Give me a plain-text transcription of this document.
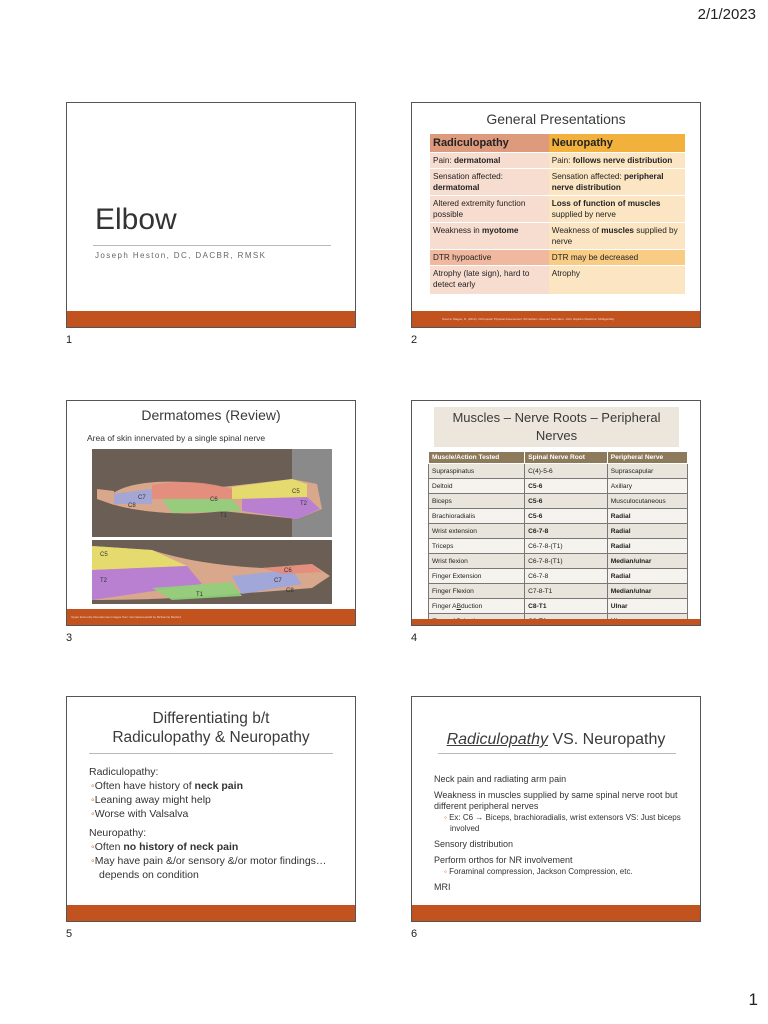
2/1/2023
Elbow
Joseph Heston, DC, DACBR, RMSK
1
General Presentations
Radiculopathy	Neuropathy
Pain: dermatomal	Pain: follows nerve distribution
Sensation affected: dermatomal	Sensation affected: peripheral nerve distribution
Altered extremity function possible	Loss of function of muscles supplied by nerve
Weakness in myotome	Weakness of muscles supplied by nerve
DTR hypoactive	DTR may be decreased
Atrophy (late sign), hard to detect early	Atrophy
Source: Magee, D. (2014). Orthopedic Physical Assessment, 6th Edition. Elsevier Saunders. John Hopkins Medicine; Mulligan/Ely
2
Dermatomes (Review)
Area of skin innervated by a single spinal nerve
C5
C6
C7
C8
T1
T2
C5
C6
C7
C8
T1
T2
Upper Extremity Dermatomes Images from: dermatomesaid2 by McKenzie Method
3
Muscles – Nerve Roots – Peripheral Nerves
Muscle/Action Tested	Spinal Nerve Root	Peripheral Nerve
Supraspinatus	C(4)-5-6	Suprascapular
Deltoid	C5-6	Axillary
Biceps	C5-6	Musculocutaneous
Brachioradialis	C5-6	Radial
Wrist extension	C6-7-8	Radial
Triceps	C6-7-8-(T1)	Radial
Wrist flexion	C6-7-8-(T1)	Median/ulnar
Finger Extension	C6-7-8	Radial
Finger Flexion	C7-8-T1	Median/ulnar
Finger ABduction	C8-T1	Ulnar

4
Differentiating b/t
Radiculopathy & Neuropathy
Radiculopathy:
◦Often have history of neck pain
◦Leaning away might help
◦Worse with Valsalva
Neuropathy:
◦Often no history of neck pain
◦May have pain &/or sensory &/or motor findings…depends on condition
5
Radiculopathy VS. Neuropathy
Neck pain and radiating arm pain
Weakness in muscles supplied by same spinal nerve root but different peripheral nerves
◦ Ex: C6 → Biceps, brachioradialis, wrist extensors VS: Just biceps involved
Sensory distribution
Perform orthos for NR involvement
◦ Foraminal compression, Jackson Compression, etc.
MRI
6
1
